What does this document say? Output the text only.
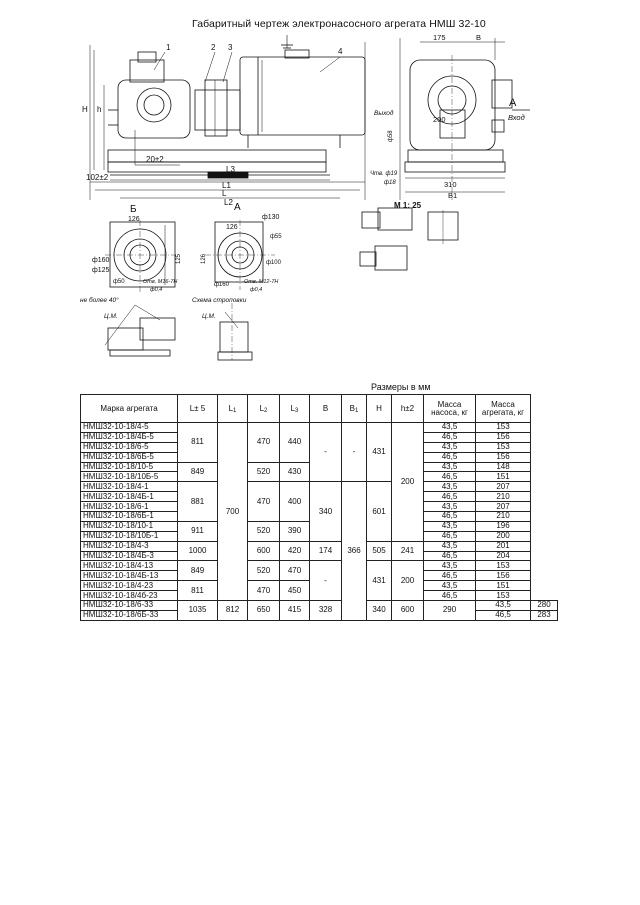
Габаритный чертеж электронасосного агрегата НМШ 32-10
1	2 3	4
H h
20±2
102±2
L
L1
L3
L2
175	B
A
Вход
Выход
200
ф58
Чтв. ф19
ф18	310
B1
М 1: 25
Б
126
ф160
ф125
ф50	Отв. М16-7Н
ф0,4
125
А
ф130
126
ф55
ф100
ф160	Отв. М12-7Н
ф0,4
126
не более 40°	Схема строповки
Ц.М.	Ц.М.
Размеры в мм
Марка агрегата	L± 5	$L_1$	$L_2$	$L_3$	B	$B_1$	H	h±2	Масса насоса, кг	Масса агрегата, кг	
НМШ32-10-18/4-5	811	700	470	440	-	-	431	200	43,5	153	
НМШ32-10-18/4Б-5									46,5	156	
НМШ32-10-18/6-5									43,5	153	
НМШ32-10-18/6Б-5									46,5	156	
НМШ32-10-18/10-5	849		520	430					43,5	148	
НМШ32-10-18/10Б-5									46,5	151	
НМШ32-10-18/4-1	881		470	400	340	366	601		43,5	207	
НМШ32-10-18/4Б-1									46,5	210	
НМШ32-10-18/6-1									43,5	207	
НМШ32-10-18/6Б-1									46,5	210	
НМШ32-10-18/10-1	911		520	390					43,5	196	
НМШ32-10-18/10Б-1									46,5	200	
НМШ32-10-18/4-3	1000		600	420	174		505	241	43,5	201	
НМШ32-10-18/4Б-3									46,5	204	
НМШ32-10-18/4-13	849		520	470	-		431	200	43,5	153	
НМШ32-10-18/4Б-13									46,5	156	
НМШ32-10-18/4-23	811		470	450					43,5	151	
НМШ32-10-18/4б-23									46,5	153	
НМШ32-10-18/6-33	1035	812	650	415	328		340	600	290	43,5	280
НМШ32-10-18/6Б-33										46,5	283
